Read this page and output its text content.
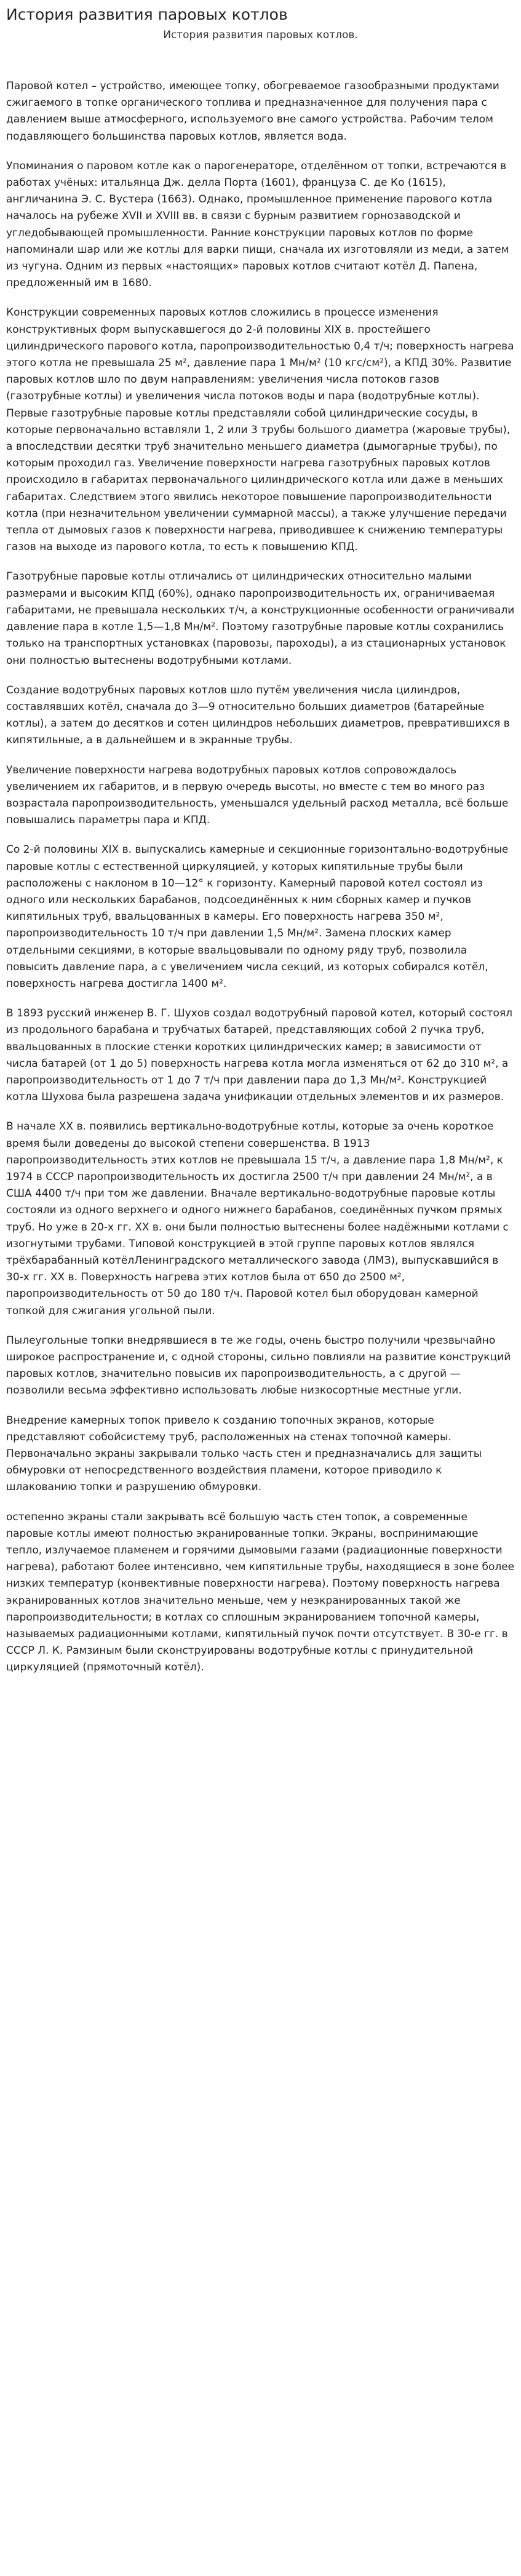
История развития паровых котлов
История развития паровых котлов.

Паровой котел – устройство, имеющее топку, обогреваемое газообразными продуктами сжигаемого в топке органического топлива и предназначенное для получения пара с давлением выше атмосферного, используемого вне самого устройства. Рабочим телом подавляющего большинства паровых котлов, является вода.

Упоминания о паровом котле как о парогенераторе, отделённом от топки, встречаются в работах учёных: итальянца Дж. делла Порта (1601), француза С. де Ко (1615), англичанина Э. С. Вустера (1663). Однако, промышленное применение парового котла началось на рубеже XVII и XVIII вв. в связи с бурным развитием горнозаводской и угледобывающей промышленности. Ранние конструкции паровых котлов по форме напоминали шар или же котлы для варки пищи, сначала их изготовляли из меди, а затем из чугуна. Одним из первых «настоящих» паровых котлов считают котёл Д. Папена, предложенный им в 1680.

Конструкции современных паровых котлов сложились в процессе изменения конструктивных форм выпускавшегося до 2-й половины XIX в. простейшего цилиндрического парового котла, паропроизводительностью 0,4 т/ч; поверхность нагрева этого котла не превышала 25 м², давление пара 1 Мн/м² (10 кгс/см²), а КПД 30%. Развитие паровых котлов шло по двум направлениям: увеличения числа потоков газов (газотрубные котлы) и увеличения числа потоков воды и пара (водотрубные котлы). Первые газотрубные паровые котлы представляли собой цилиндрические сосуды, в которые первоначально вставляли 1, 2 или 3 трубы большого диаметра (жаровые трубы), а впоследствии десятки труб значительно меньшего диаметра (дымогарные трубы), по которым проходил газ. Увеличение поверхности нагрева газотрубных паровых котлов происходило в габаритах первоначального цилиндрического котла или даже в меньших габаритах. Следствием этого явились некоторое повышение паропроизводительности котла (при незначительном увеличении суммарной массы), а также улучшение передачи тепла от дымовых газов к поверхности нагрева, приводившее к снижению температуры газов на выходе из парового котла, то есть к повышению КПД.

Газотрубные паровые котлы отличались от цилиндрических относительно малыми размерами и высоким КПД (60%), однако паропроизводительность их, ограничиваемая габаритами, не превышала нескольких т/ч, а конструкционные особенности ограничивали давление пара в котле 1,5—1,8 Мн/м². Поэтому газотрубные паровые котлы сохранились только на транспортных установках (паровозы, пароходы), а из стационарных установок они полностью вытеснены водотрубными котлами.

Создание водотрубных паровых котлов шло путём увеличения числа цилиндров, составлявших котёл, сначала до 3—9 относительно больших диаметров (батарейные котлы), а затем до десятков и сотен цилиндров небольших диаметров, превратившихся в кипятильные, а в дальнейшем и в экранные трубы.

Увеличение поверхности нагрева водотрубных паровых котлов сопровождалось увеличением их габаритов, и в первую очередь высоты, но вместе с тем во много раз возрастала паропроизводительность, уменьшался удельный расход металла, всё больше повышались параметры пара и КПД.

Со 2-й половины XIX в. выпускались камерные и секционные горизонтально-водотрубные паровые котлы с естественной циркуляцией, у которых кипятильные трубы были расположены с наклоном в 10—12° к горизонту. Камерный паровой котел состоял из одного или нескольких барабанов, подсоединённых к ним сборных камер и пучков кипятильных труб, ввальцованных в камеры. Его поверхность нагрева 350 м², паропроизводительность 10 т/ч при давлении 1,5 Мн/м². Замена плоских камер отдельными секциями, в которые ввальцовывали по одному ряду труб, позволила повысить давление пара, а с увеличением числа секций, из которых собирался котёл, поверхность нагрева достигла 1400 м².

В 1893 русский инженер В. Г. Шухов создал водотрубный паровой котел, который состоял из продольного барабана и трубчатых батарей, представляющих собой 2 пучка труб, ввальцованных в плоские стенки коротких цилиндрических камер; в зависимости от числа батарей (от 1 до 5) поверхность нагрева котла могла изменяться от 62 до 310 м², а паропроизводительность от 1 до 7 т/ч при давлении пара до 1,3 Мн/м². Конструкцией котла Шухова была разрешена задача унификации отдельных элементов и их размеров.

В начале XX в. появились вертикально-водотрубные котлы, которые за очень короткое время были доведены до высокой степени совершенства. В 1913 паропроизводительность этих котлов не превышала 15 т/ч, а давление пара 1,8 Мн/м², к 1974 в СССР паропроизводительность их достигла 2500 т/ч при давлении 24 Мн/м², а в США 4400 т/ч при том же давлении. Вначале вертикально-водотрубные паровые котлы состояли из одного верхнего и одного нижнего барабанов, соединённых пучком прямых труб. Но уже в 20-х гг. XX в. они были полностью вытеснены более надёжными котлами с изогнутыми трубами. Типовой конструкцией в этой группе паровых котлов являлся трёхбарабанный котёлЛенинградского металлического завода (ЛМЗ), выпускавшийся в 30-х гг. XX в. Поверхность нагрева этих котлов была от 650 до 2500 м², паропроизводительность от 50 до 180 т/ч. Паровой котел был оборудован камерной топкой для сжигания угольной пыли.

Пылеугольные топки внедрявшиеся в те же годы, очень быстро получили чрезвычайно широкое распространение и, с одной стороны, сильно повлияли на развитие конструкций паровых котлов, значительно повысив их паропроизводительность, а с другой — позволили весьма эффективно использовать любые низкосортные местные угли.

Внедрение камерных топок привело к созданию топочных экранов, которые представляют собойсистему труб, расположенных на стенах топочной камеры. Первоначально экраны закрывали только часть стен и предназначались для защиты обмуровки от непосредственного воздействия пламени, которое приводило к шлакованию топки и разрушению обмуровки.

остепенно экраны стали закрывать всё большую часть стен топок, а современные паровые котлы имеют полностью экранированные топки. Экраны, воспринимающие тепло, излучаемое пламенем и горячими дымовыми газами (радиационные поверхности нагрева), работают более интенсивно, чем кипятильные трубы, находящиеся в зоне более низких температур (конвективные поверхности нагрева). Поэтому поверхность нагрева экранированных котлов значительно меньше, чем у неэкранированных такой же паропроизводительности; в котлах со сплошным экранированием топочной камеры, называемых радиационными котлами, кипятильный пучок почти отсутствует. В 30-е гг. в СССР Л. К. Рамзиным были сконструированы водотрубные котлы с принудительной циркуляцией (прямоточный котёл).
